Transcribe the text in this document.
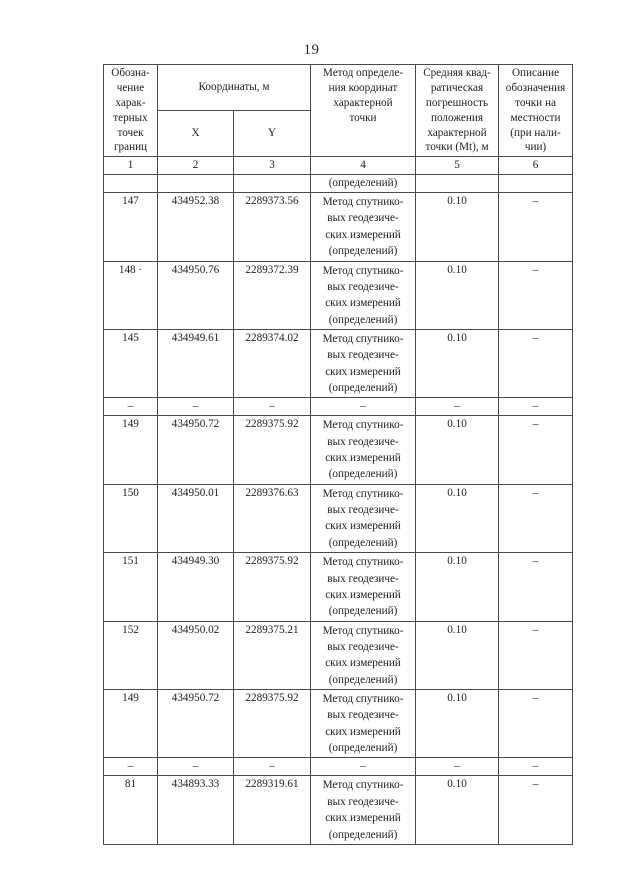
19
Обозна-
чение
харак-
терных
точек
границ	Координаты, м	Метод определе-
ния координат
характерной
точки	Средняя квад-
ратическая
погрешность
положения
характерной
точки (Mt), м	Описание
обозначения
точки на
местности
(при нали-
чии)
	X	Y			
1	2	3	4	5	6
			(определений)		
147	434952.38	2289373.56	Метод спутнико-
вых геодезиче-
ских измерений
(определений)	0.10	–
148 ·	434950.76	2289372.39	Метод спутнико-
вых геодезиче-
ских измерений
(определений)	0.10	–
145	434949.61	2289374.02	Метод спутнико-
вых геодезиче-
ских измерений
(определений)	0.10	–
–	–	–	–	–	–
149	434950.72	2289375.92	Метод спутнико-
вых геодезиче-
ских измерений
(определений)	0.10	–
150	434950.01	2289376.63	Метод спутнико-
вых геодезиче-
ских измерений
(определений)	0.10	–
151	434949.30	2289375.92	Метод спутнико-
вых геодезиче-
ских измерений
(определений)	0.10	–
152	434950.02	2289375.21	Метод спутнико-
вых геодезиче-
ских измерений
(определений)	0.10	–
149	434950.72	2289375.92	Метод спутнико-
вых геодезиче-
ских измерений
(определений)	0.10	–
–	–	–	–	–	–
81	434893.33	2289319.61	Метод спутнико-
вых геодезиче-
ских измерений
(определений)	0.10	–
